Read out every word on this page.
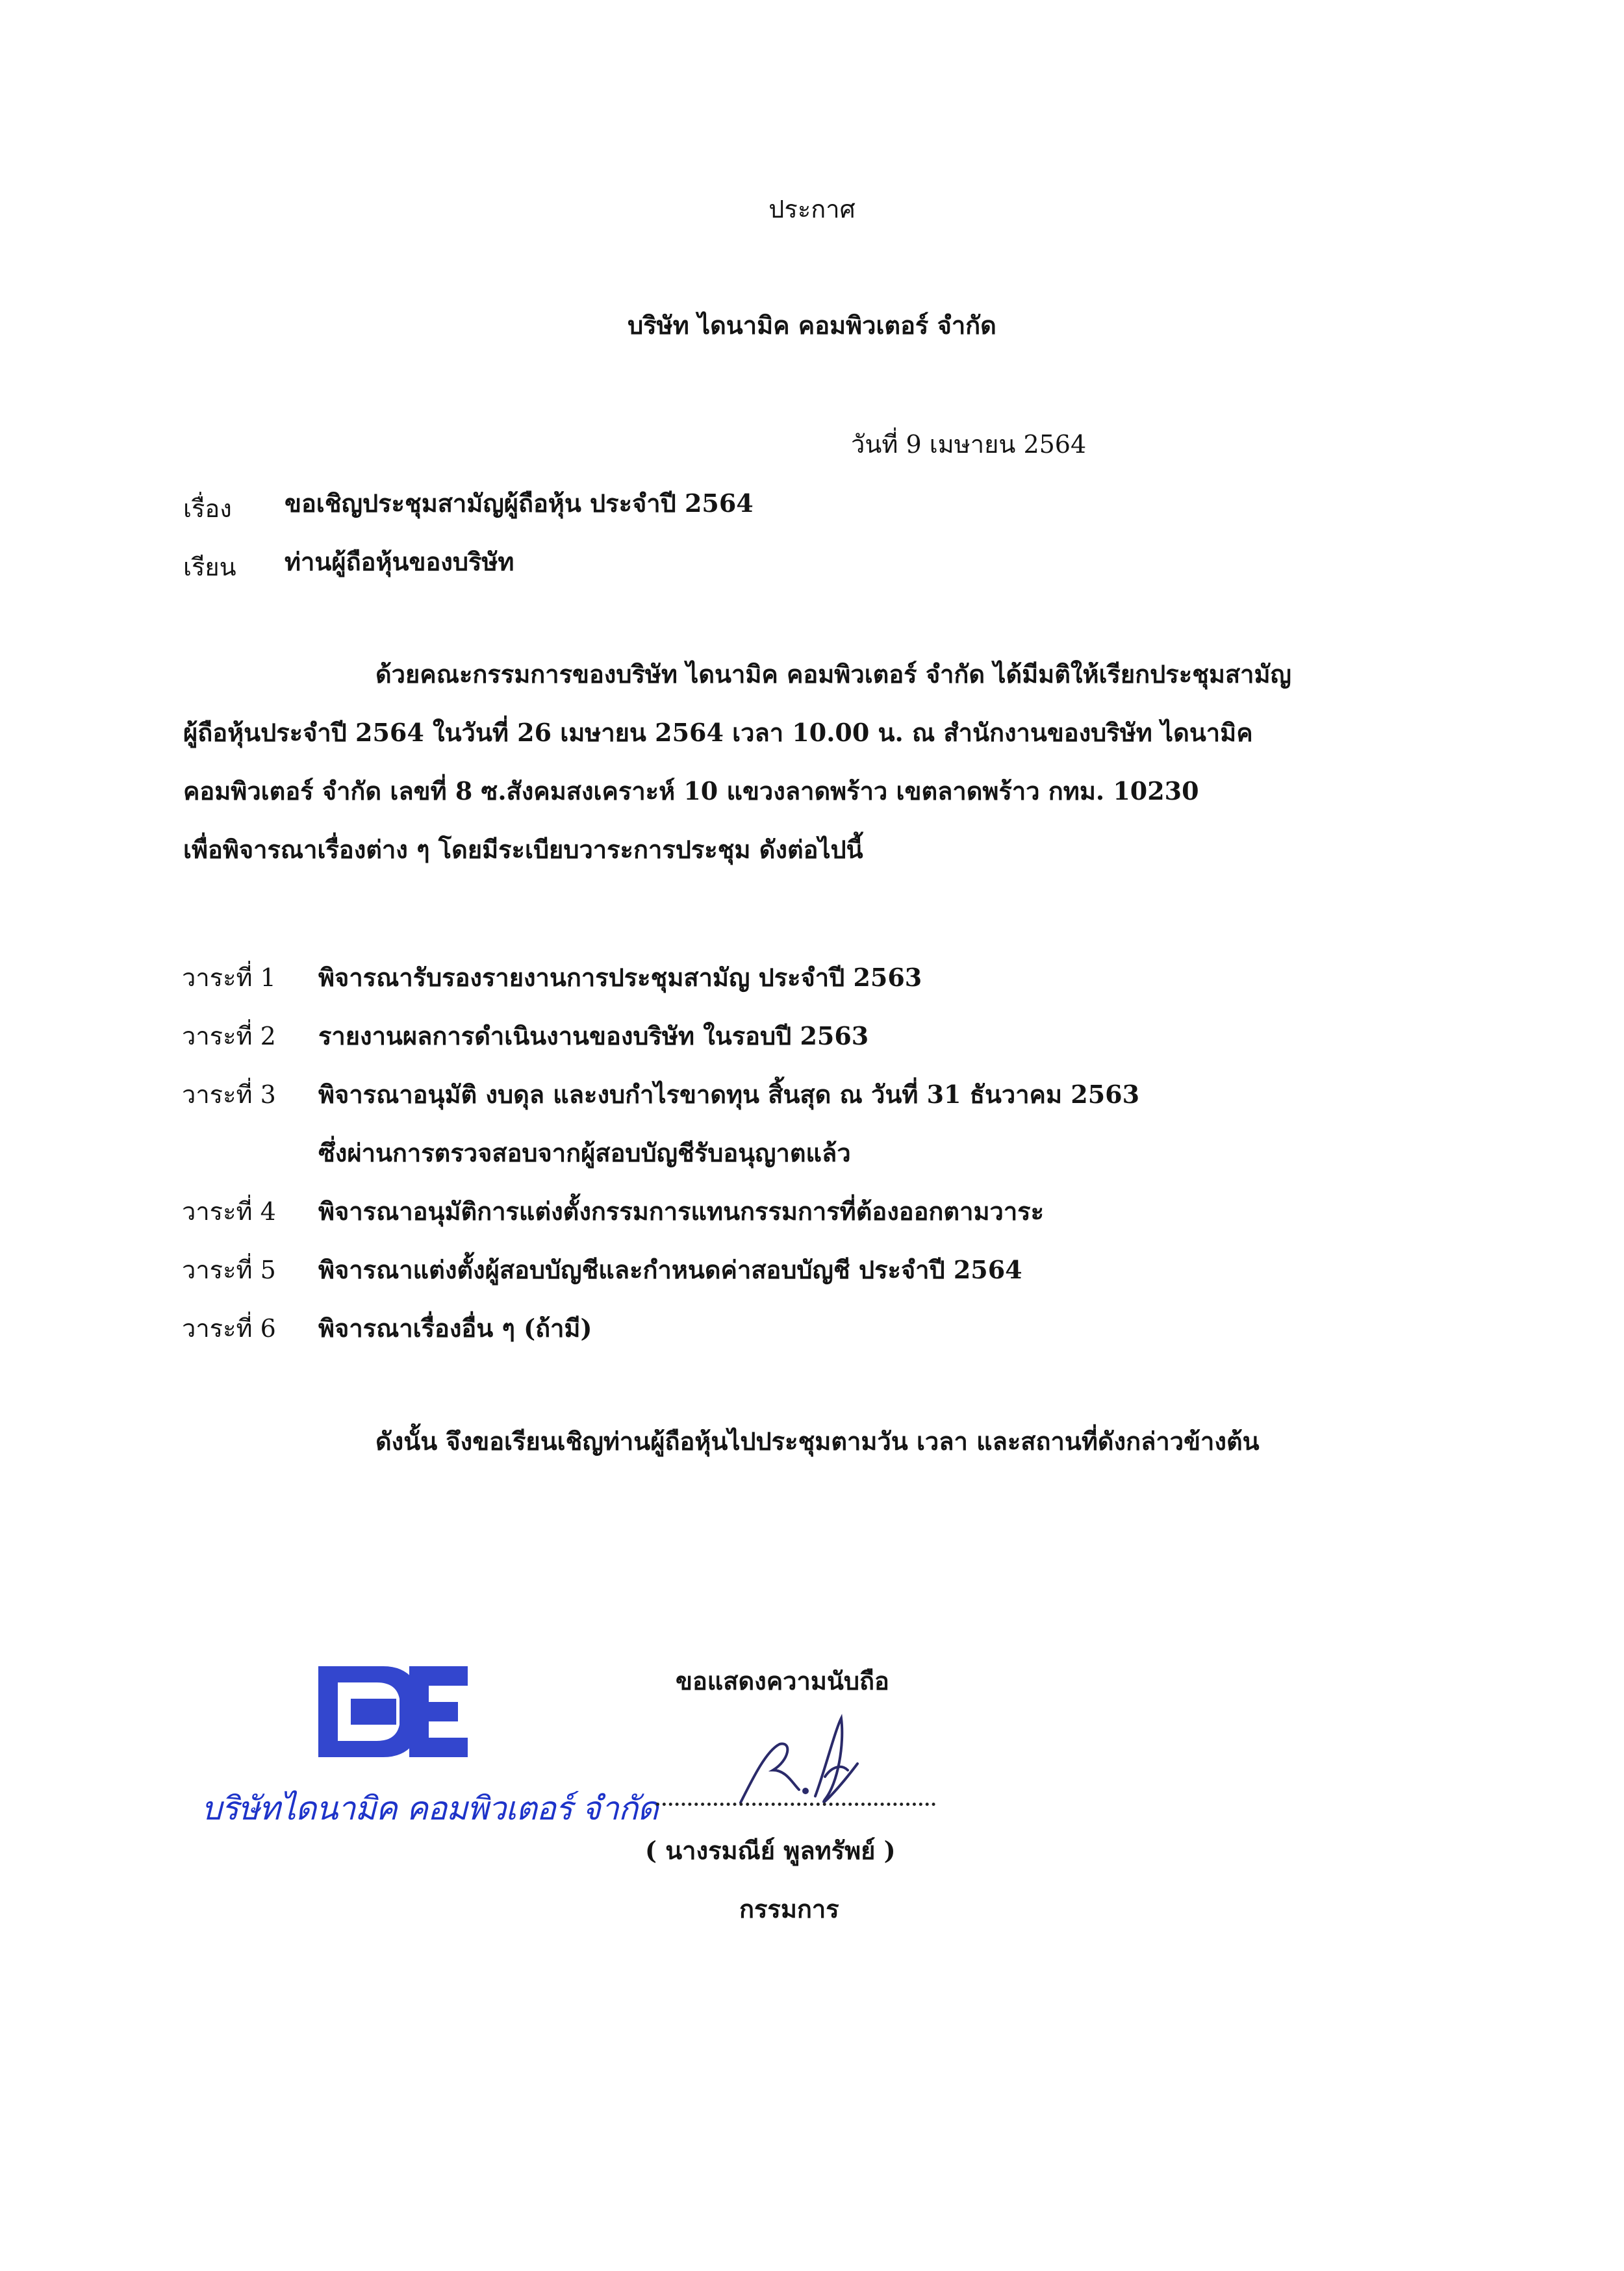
ประกาศ
บริษัท ไดนามิค คอมพิวเตอร์ จำกัด
วันที่ 9 เมษายน 2564
เรื่อง ขอเชิญประชุมสามัญผู้ถือหุ้น ประจำปี 2564
เรียน ท่านผู้ถือหุ้นของบริษัท
ด้วยคณะกรรมการของบริษัท ไดนามิค คอมพิวเตอร์ จำกัด ได้มีมติให้เรียกประชุมสามัญ
ผู้ถือหุ้นประจำปี 2564 ในวันที่ 26 เมษายน 2564 เวลา 10.00 น. ณ สำนักงานของบริษัท ไดนามิค
คอมพิวเตอร์ จำกัด เลขที่ 8 ซ.สังคมสงเคราะห์ 10 แขวงลาดพร้าว เขตลาดพร้าว กทม. 10230
เพื่อพิจารณาเรื่องต่าง ๆ โดยมีระเบียบวาระการประชุม ดังต่อไปนี้
วาระที่ 1 พิจารณารับรองรายงานการประชุมสามัญ ประจำปี 2563
วาระที่ 2 รายงานผลการดำเนินงานของบริษัท ในรอบปี 2563
วาระที่ 3 พิจารณาอนุมัติ งบดุล และงบกำไรขาดทุน สิ้นสุด ณ วันที่ 31 ธันวาคม 2563
ซึ่งผ่านการตรวจสอบจากผู้สอบบัญชีรับอนุญาตแล้ว
วาระที่ 4 พิจารณาอนุมัติการแต่งตั้งกรรมการแทนกรรมการที่ต้องออกตามวาระ
วาระที่ 5 พิจารณาแต่งตั้งผู้สอบบัญชีและกำหนดค่าสอบบัญชี ประจำปี 2564
วาระที่ 6 พิจารณาเรื่องอื่น ๆ (ถ้ามี)
ดังนั้น จึงขอเรียนเชิญท่านผู้ถือหุ้นไปประชุมตามวัน เวลา และสถานที่ดังกล่าวข้างต้น
บริษัทไดนามิค คอมพิวเตอร์ จำกัด
ขอแสดงความนับถือ
( นางรมณีย์ พูลทรัพย์ )
กรรมการ
